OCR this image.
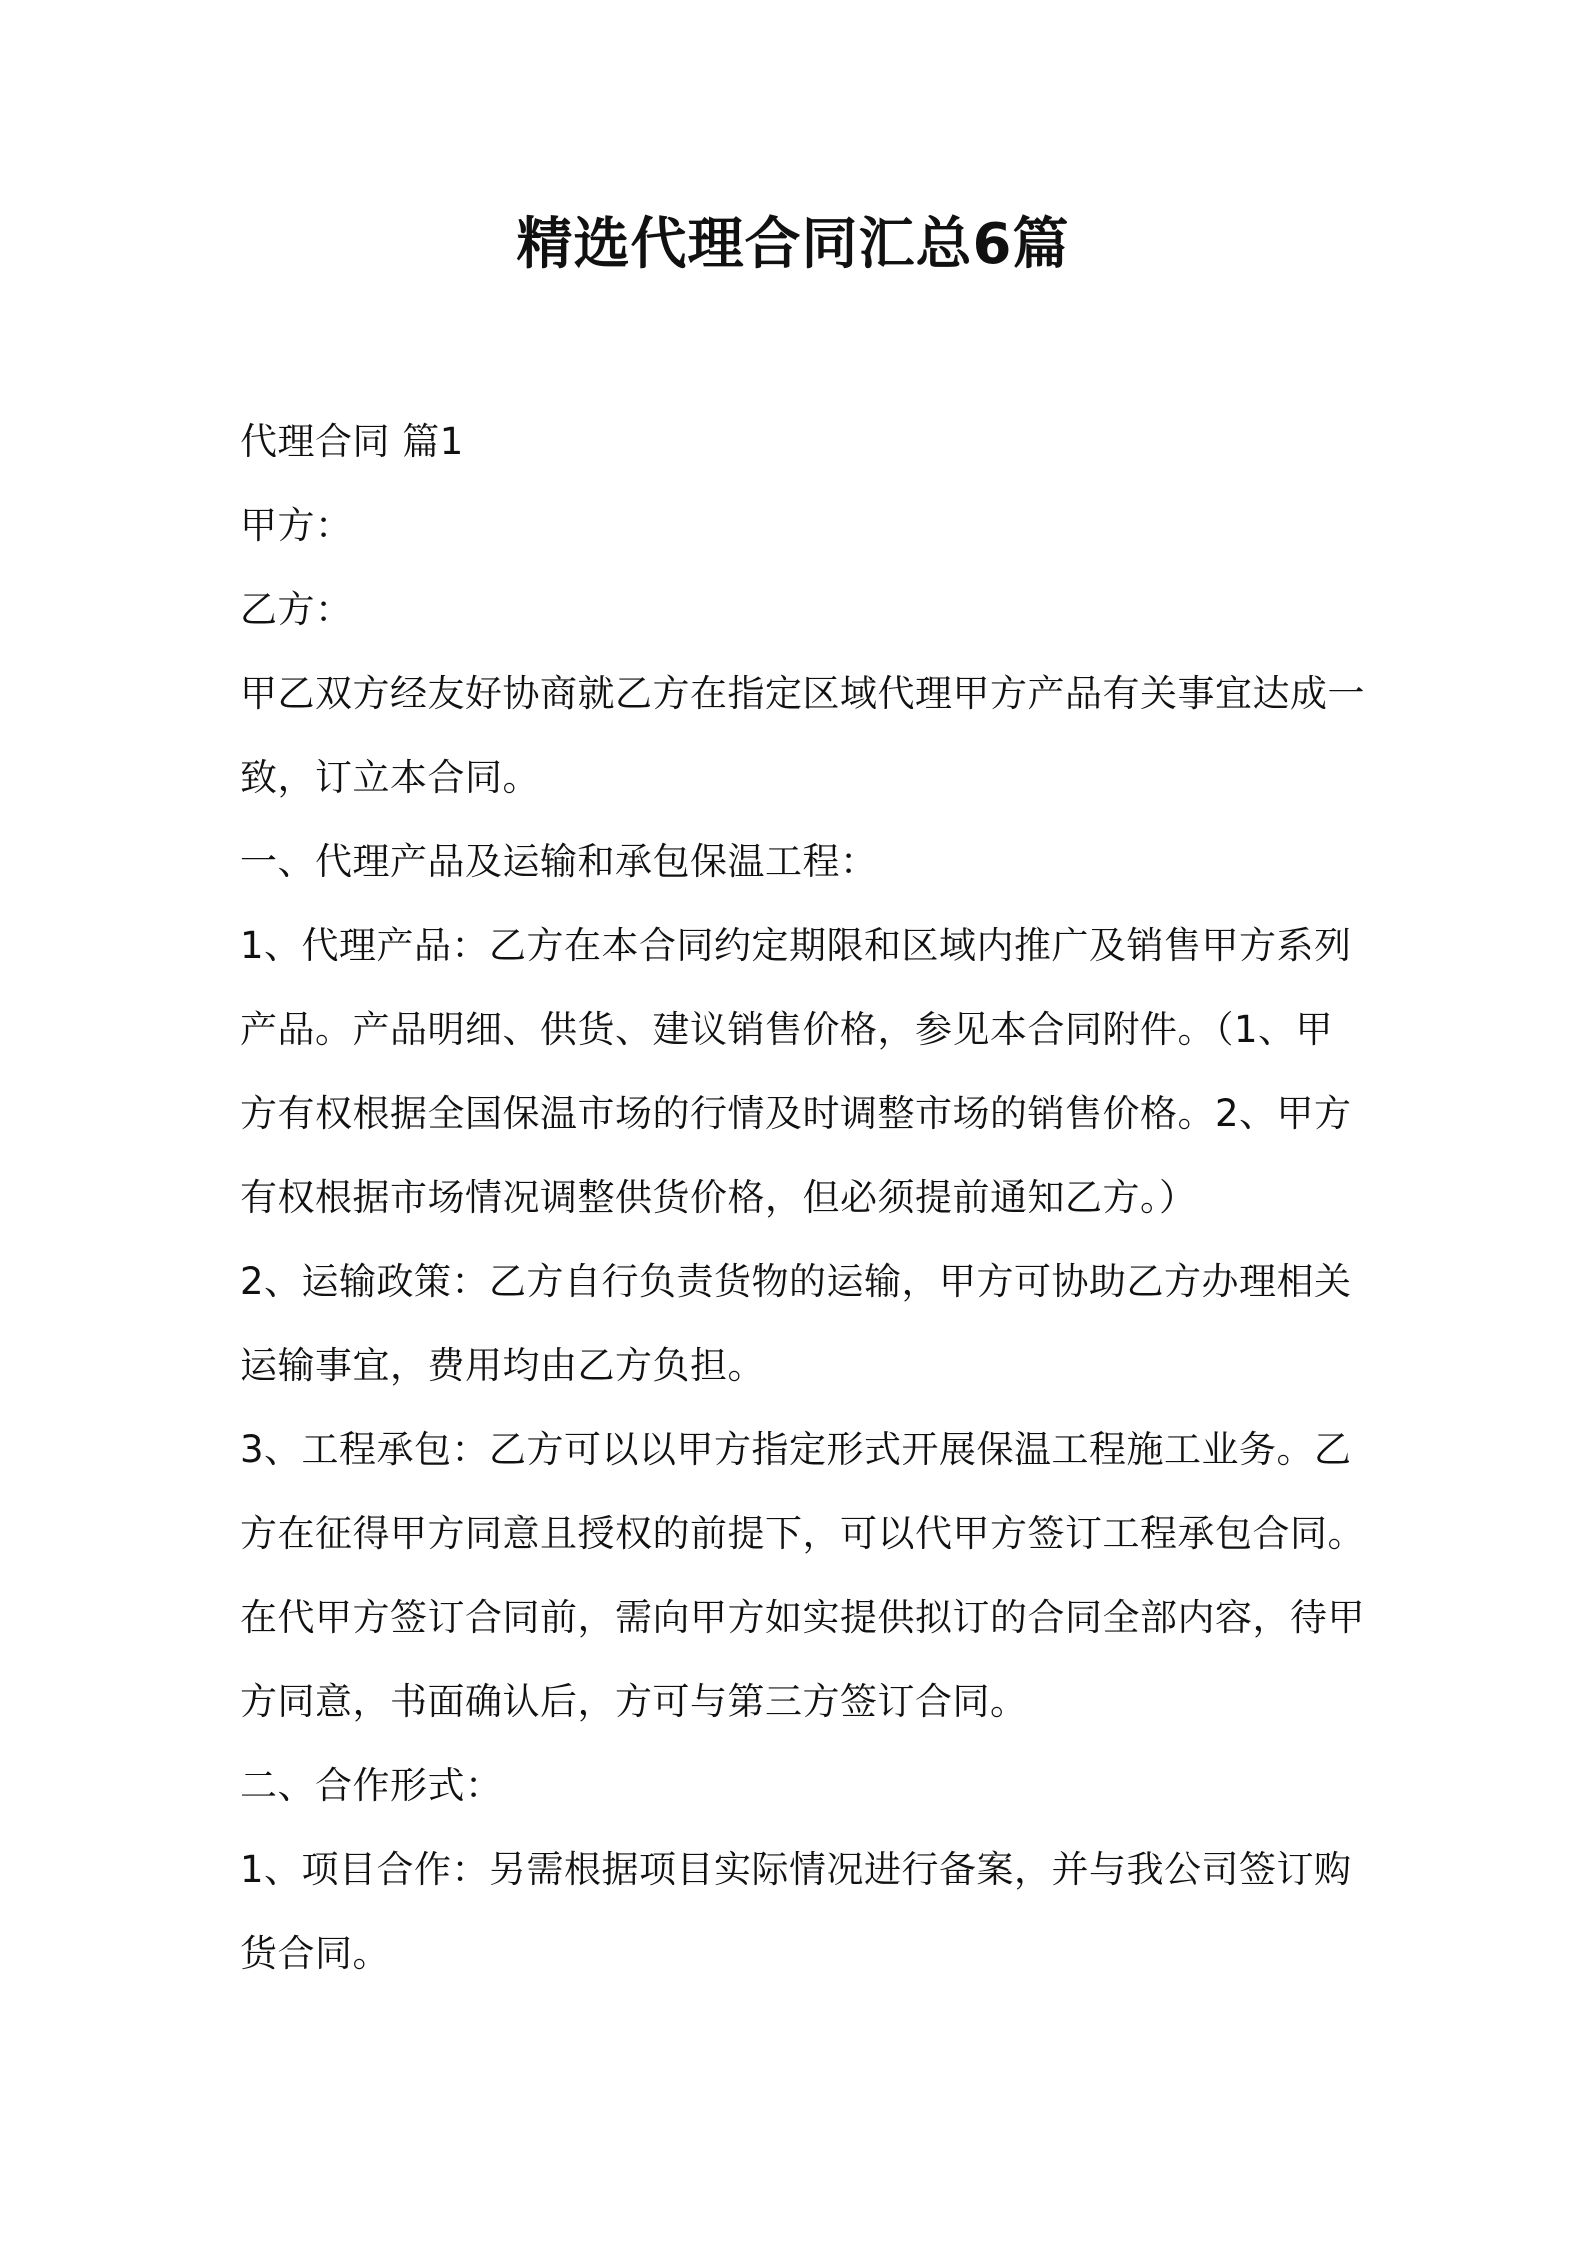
精选代理合同汇总6篇

代理合同 篇1

甲方：

乙方：

甲乙双方经友好协商就乙方在指定区域代理甲方产品有关事宜达成一致，订立本合同。

一、代理产品及运输和承包保温工程：

1、代理产品：乙方在本合同约定期限和区域内推广及销售甲方系列产品。产品明细、供货、建议销售价格，参见本合同附件。（1、甲方有权根据全国保温市场的行情及时调整市场的销售价格。2、甲方有权根据市场情况调整供货价格，但必须提前通知乙方。）

2、运输政策：乙方自行负责货物的运输，甲方可协助乙方办理相关运输事宜，费用均由乙方负担。

3、工程承包：乙方可以以甲方指定形式开展保温工程施工业务。乙方在征得甲方同意且授权的前提下，可以代甲方签订工程承包合同。在代甲方签订合同前，需向甲方如实提供拟订的合同全部内容，待甲方同意，书面确认后，方可与第三方签订合同。

二、合作形式：

1、项目合作：另需根据项目实际情况进行备案，并与我公司签订购货合同。
